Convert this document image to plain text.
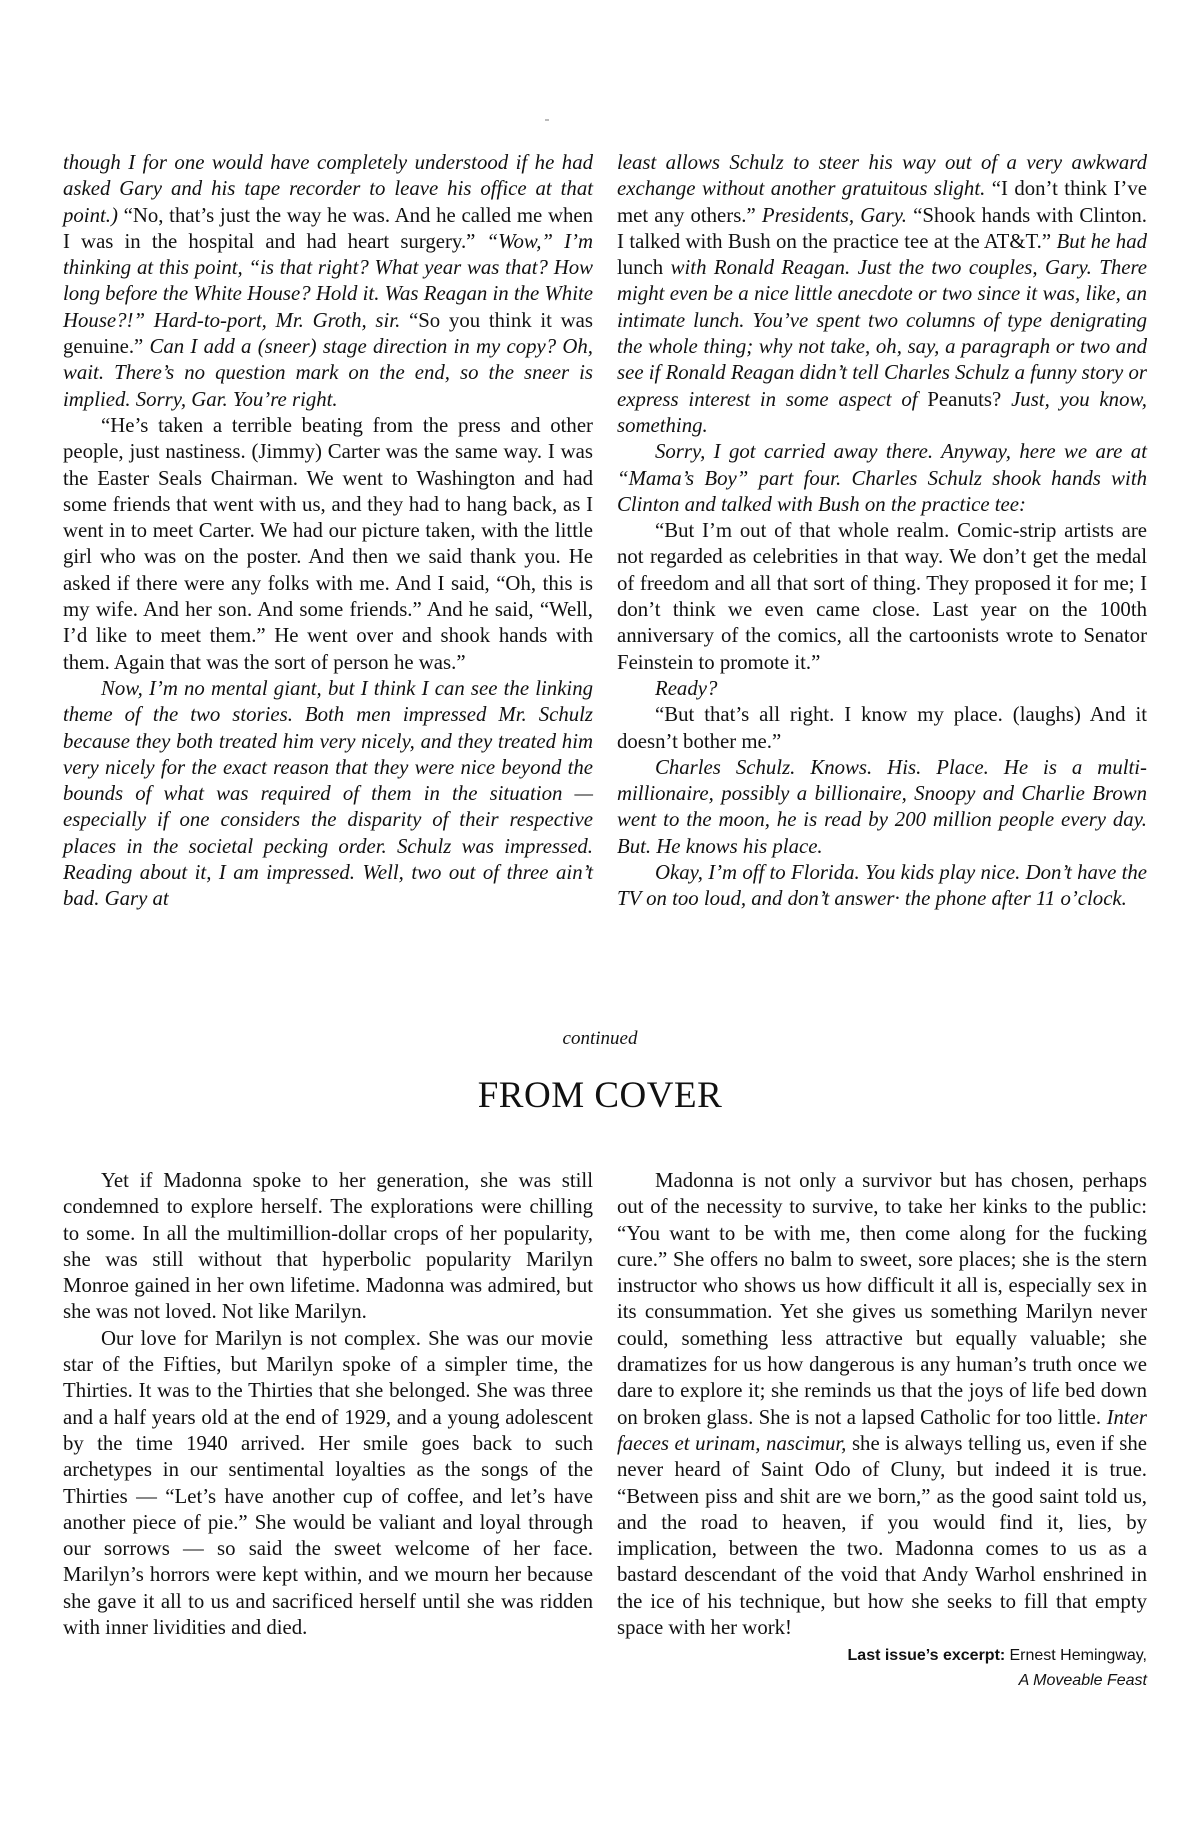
though I for one would have completely understood if he had asked Gary and his tape recorder to leave his office at that point.) “No, that’s just the way he was. And he called me when I was in the hospital and had heart surgery.” “Wow,” I’m thinking at this point, “is that right? What year was that? How long before the White House? Hold it. Was Reagan in the White House?!” Hard-to-port, Mr. Groth, sir. “So you think it was genuine.” Can I add a (sneer) stage direction in my copy? Oh, wait. There’s no question mark on the end, so the sneer is implied. Sorry, Gar. You’re right.

“He’s taken a terrible beating from the press and other people, just nastiness. (Jimmy) Carter was the same way. I was the Easter Seals Chairman. We went to Washington and had some friends that went with us, and they had to hang back, as I went in to meet Carter. We had our picture taken, with the little girl who was on the poster. And then we said thank you. He asked if there were any folks with me. And I said, “Oh, this is my wife. And her son. And some friends.” And he said, “Well, I’d like to meet them.” He went over and shook hands with them. Again that was the sort of person he was.”

Now, I’m no mental giant, but I think I can see the linking theme of the two stories. Both men impressed Mr. Schulz because they both treated him very nicely, and they treated him very nicely for the exact reason that they were nice beyond the bounds of what was required of them in the situation — especially if one considers the disparity of their respective places in the societal pecking order. Schulz was impressed. Reading about it, I am impressed. Well, two out of three ain’t bad. Gary at

least allows Schulz to steer his way out of a very awkward exchange without another gratuitous slight. “I don’t think I’ve met any others.” Presidents, Gary. “Shook hands with Clinton. I talked with Bush on the practice tee at the AT&T.” But he had lunch with Ronald Reagan. Just the two couples, Gary. There might even be a nice little anecdote or two since it was, like, an intimate lunch. You’ve spent two columns of type denigrating the whole thing; why not take, oh, say, a paragraph or two and see if Ronald Reagan didn’t tell Charles Schulz a funny story or express interest in some aspect of Peanuts? Just, you know, something.

Sorry, I got carried away there. Anyway, here we are at “Mama’s Boy” part four. Charles Schulz shook hands with Clinton and talked with Bush on the practice tee:

“But I’m out of that whole realm. Comic-strip artists are not regarded as celebrities in that way. We don’t get the medal of freedom and all that sort of thing. They proposed it for me; I don’t think we even came close. Last year on the 100th anniversary of the comics, all the cartoonists wrote to Senator Feinstein to promote it.”

Ready?

“But that’s all right. I know my place. (laughs) And it doesn’t bother me.”

Charles Schulz. Knows. His. Place. He is a multi-millionaire, possibly a billionaire, Snoopy and Charlie Brown went to the moon, he is read by 200 million people every day. But. He knows his place.

Okay, I’m off to Florida. You kids play nice. Don’t have the TV on too loud, and don’t answer· the phone after 11 o’clock.

continued
FROM COVER

Yet if Madonna spoke to her generation, she was still condemned to explore herself. The explorations were chilling to some. In all the multimillion-dollar crops of her popularity, she was still without that hyperbolic popularity Marilyn Monroe gained in her own lifetime. Madonna was admired, but she was not loved. Not like Marilyn.

Our love for Marilyn is not complex. She was our movie star of the Fifties, but Marilyn spoke of a simpler time, the Thirties. It was to the Thirties that she belonged. She was three and a half years old at the end of 1929, and a young adolescent by the time 1940 arrived. Her smile goes back to such archetypes in our sentimental loyalties as the songs of the Thirties — “Let’s have another cup of coffee, and let’s have another piece of pie.” She would be valiant and loyal through our sorrows — so said the sweet welcome of her face. Marilyn’s horrors were kept within, and we mourn her because she gave it all to us and sacrificed herself until she was ridden with inner lividities and died.

Madonna is not only a survivor but has chosen, perhaps out of the necessity to survive, to take her kinks to the public: “You want to be with me, then come along for the fucking cure.” She offers no balm to sweet, sore places; she is the stern instructor who shows us how difficult it all is, especially sex in its consummation. Yet she gives us something Marilyn never could, something less attractive but equally valuable; she dramatizes for us how dangerous is any human’s truth once we dare to explore it; she reminds us that the joys of life bed down on broken glass. She is not a lapsed Catholic for too little. Inter faeces et urinam, nascimur, she is always telling us, even if she never heard of Saint Odo of Cluny, but indeed it is true. “Between piss and shit are we born,” as the good saint told us, and the road to heaven, if you would find it, lies, by implication, between the two. Madonna comes to us as a bastard descendant of the void that Andy Warhol enshrined in the ice of his technique, but how she seeks to fill that empty space with her work!

Last issue’s excerpt: Ernest Hemingway,
A Moveable Feast
